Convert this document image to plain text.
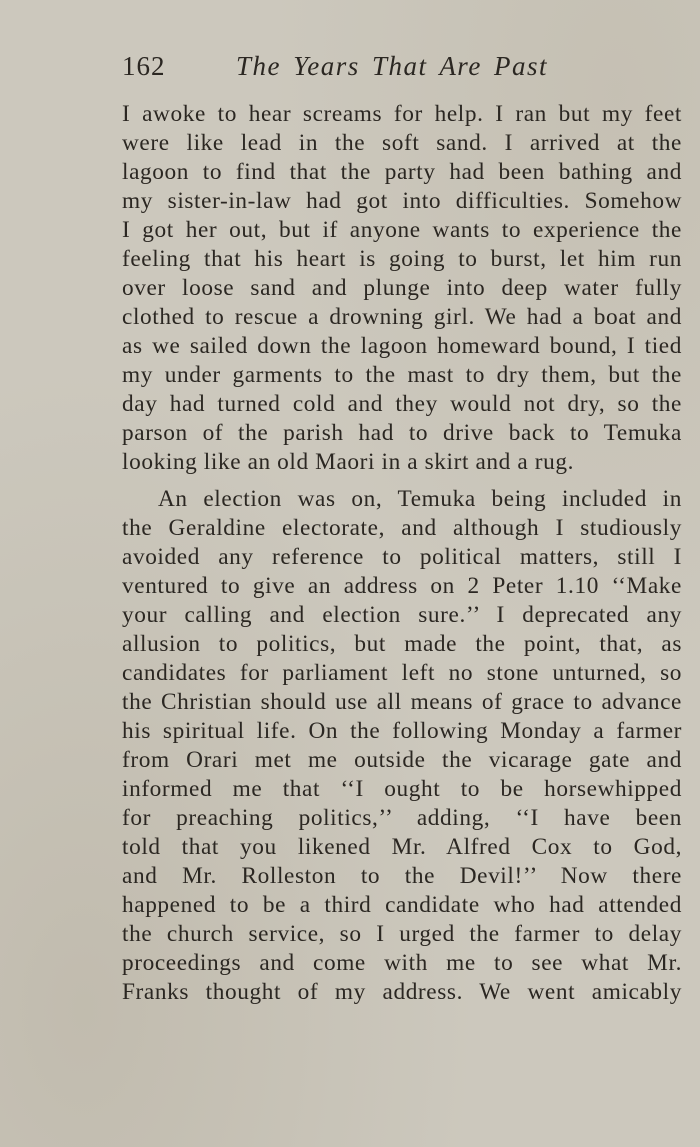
162	The Years That Are Past
I awoke to hear screams for help. I ran but my feet
were like lead in the soft sand. I arrived at the
lagoon to find that the party had been bathing and
my sister-in-law had got into difficulties. Somehow
I got her out, but if anyone wants to experience the
feeling that his heart is going to burst, let him run
over loose sand and plunge into deep water fully
clothed to rescue a drowning girl. We had a boat and
as we sailed down the lagoon homeward bound, I tied
my under garments to the mast to dry them, but the
day had turned cold and they would not dry, so the
parson of the parish had to drive back to Temuka
looking like an old Maori in a skirt and a rug.
An election was on, Temuka being included in
the Geraldine electorate, and although I studiously
avoided any reference to political matters, still I
ventured to give an address on 2 Peter 1.10 ‘‘Make
your calling and election sure.’’ I deprecated any
allusion to politics, but made the point, that, as
candidates for parliament left no stone unturned, so
the Christian should use all means of grace to advance
his spiritual life. On the following Monday a farmer
from Orari met me outside the vicarage gate and
informed me that ‘‘I ought to be horsewhipped
for preaching politics,’’ adding, ‘‘I have been
told that you likened Mr. Alfred Cox to God,
and Mr. Rolleston to the Devil!’’ Now there
happened to be a third candidate who had attended
the church service, so I urged the farmer to delay
proceedings and come with me to see what Mr.
Franks thought of my address. We went amicably
